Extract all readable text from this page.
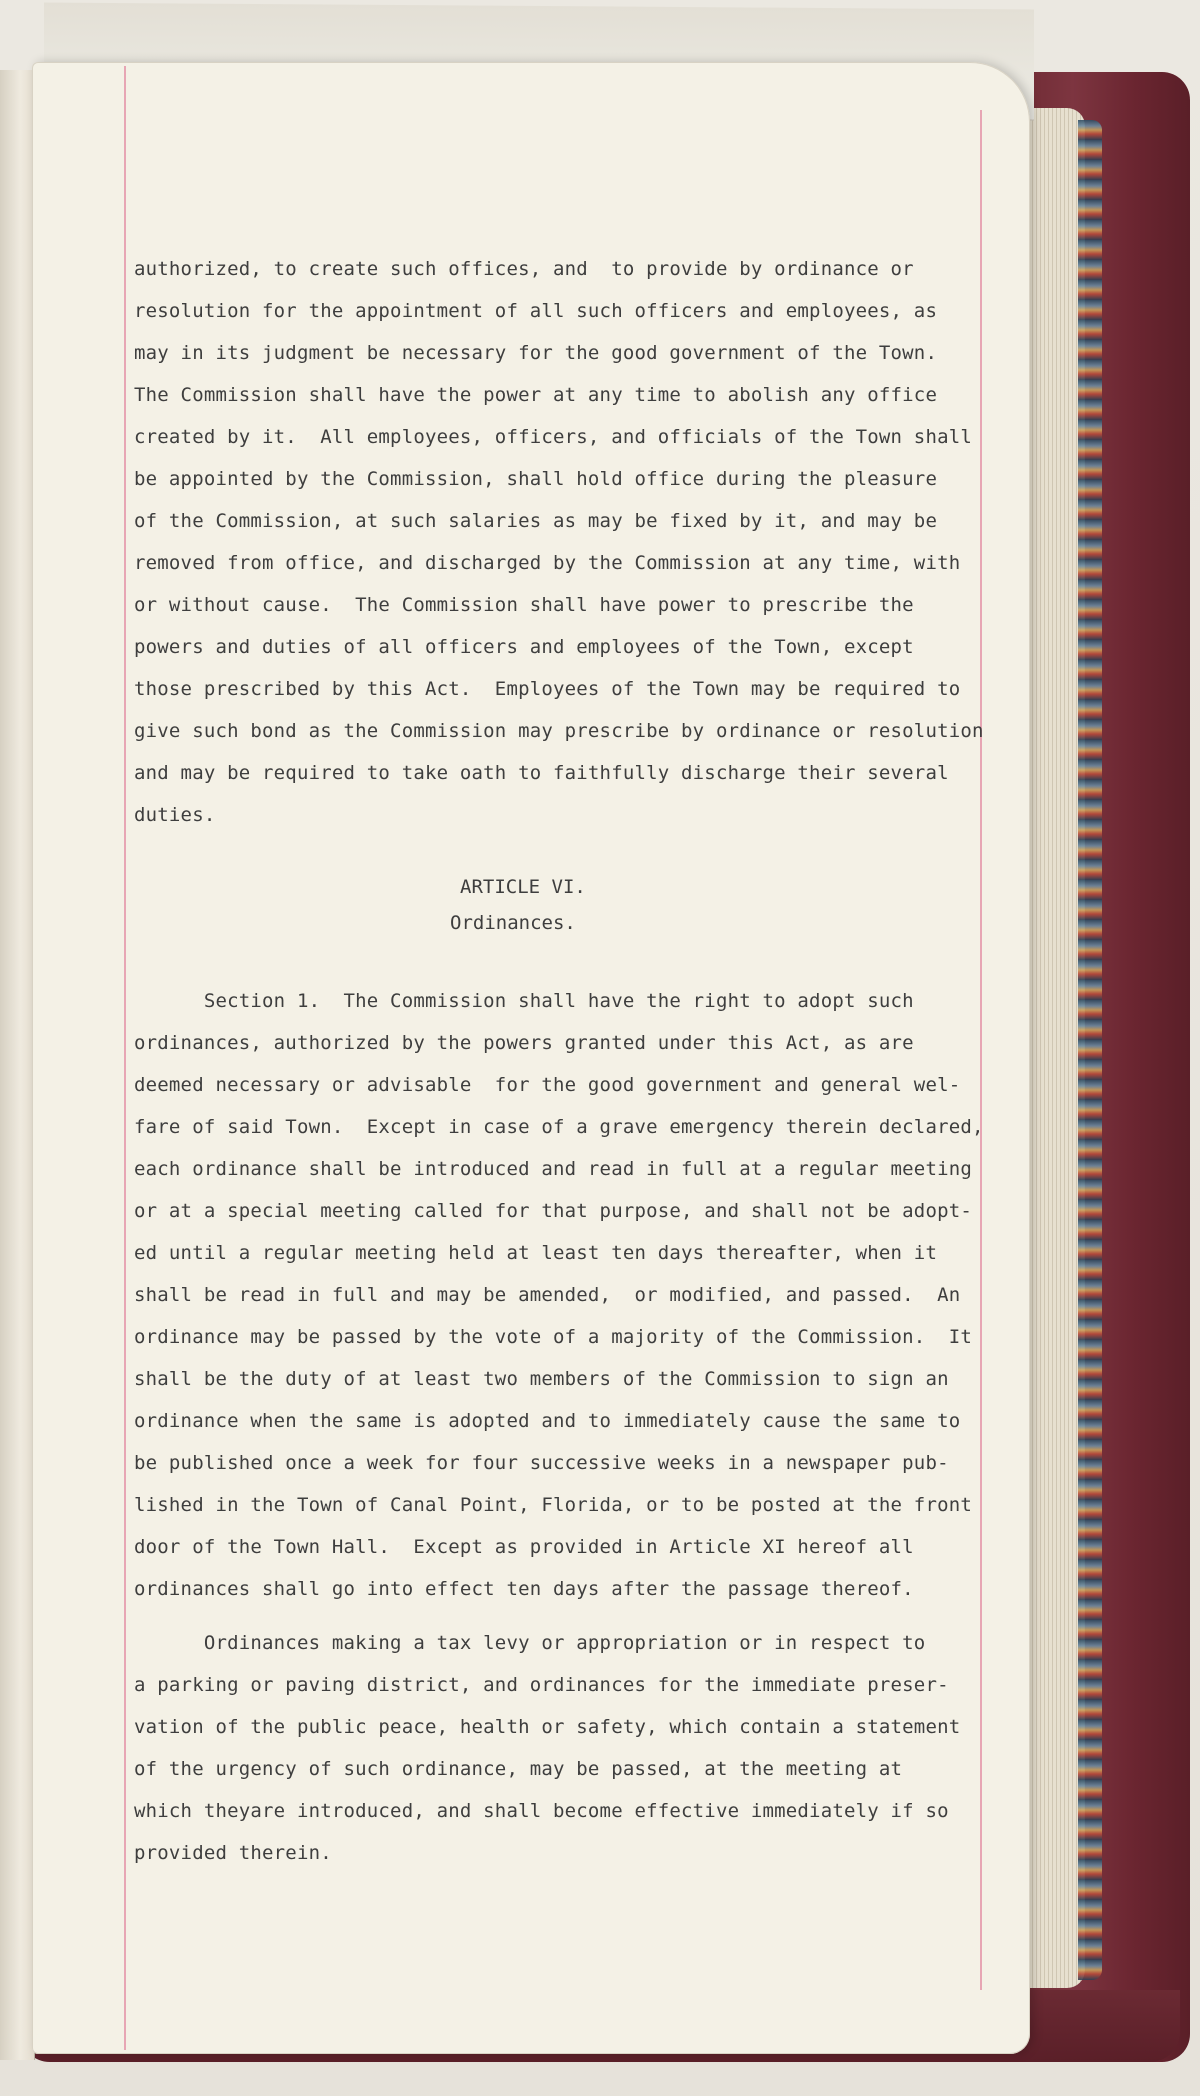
authorized, to create such offices, and  to provide by ordinance or

resolution for the appointment of all such officers and employees, as

may in its judgment be necessary for the good government of the Town.

The Commission shall have the power at any time to abolish any office

created by it.  All employees, officers, and officials of the Town shall

be appointed by the Commission, shall hold office during the pleasure

of the Commission, at such salaries as may be fixed by it, and may be

removed from office, and discharged by the Commission at any time, with

or without cause.  The Commission shall have power to prescribe the

powers and duties of all officers and employees of the Town, except

those prescribed by this Act.  Employees of the Town may be required to

give such bond as the Commission may prescribe by ordinance or resolution

and may be required to take oath to faithfully discharge their several

duties.

ARTICLE VI.
Ordinances.

Section 1.  The Commission shall have the right to adopt such

ordinances, authorized by the powers granted under this Act, as are

deemed necessary or advisable  for the good government and general wel-

fare of said Town.  Except in case of a grave emergency therein declared,

each ordinance shall be introduced and read in full at a regular meeting

or at a special meeting called for that purpose, and shall not be adopt-

ed until a regular meeting held at least ten days thereafter, when it

shall be read in full and may be amended,  or modified, and passed.  An

ordinance may be passed by the vote of a majority of the Commission.  It

shall be the duty of at least two members of the Commission to sign an

ordinance when the same is adopted and to immediately cause the same to

be published once a week for four successive weeks in a newspaper pub-

lished in the Town of Canal Point, Florida, or to be posted at the front

door of the Town Hall.  Except as provided in Article XI hereof all

ordinances shall go into effect ten days after the passage thereof.

Ordinances making a tax levy or appropriation or in respect to

a parking or paving district, and ordinances for the immediate preser-

vation of the public peace, health or safety, which contain a statement

of the urgency of such ordinance, may be passed, at the meeting at

which theyare introduced, and shall become effective immediately if so

provided therein.
